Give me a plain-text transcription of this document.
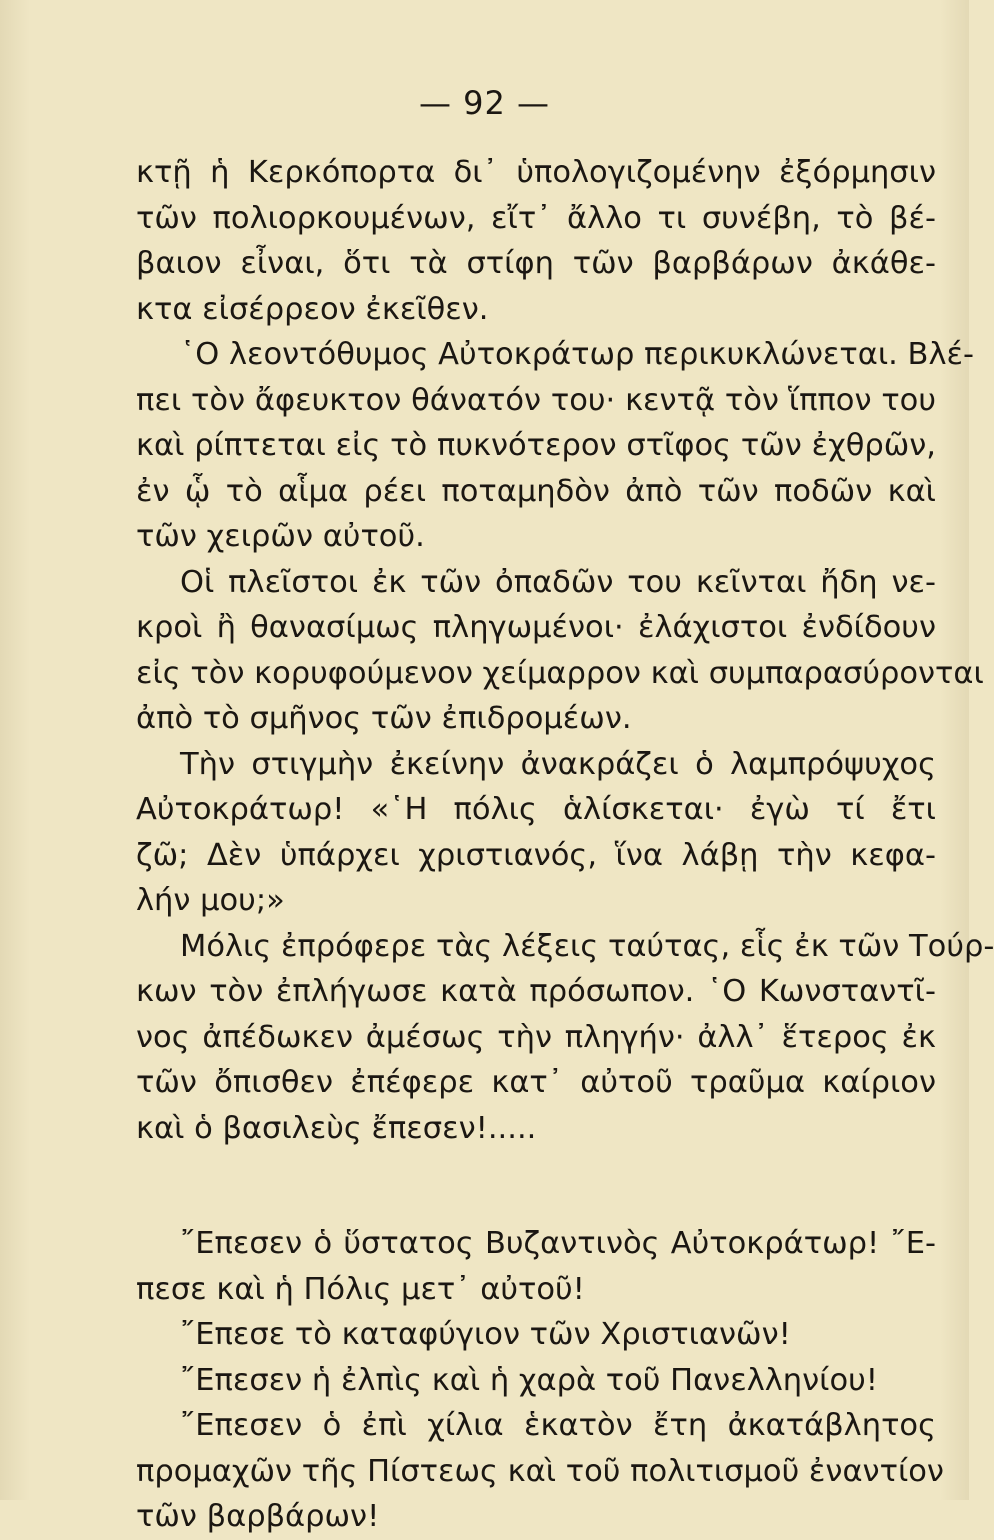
— 92 —
κτῇ ἡ Κερκόπορτα δι᾽ ὑπολογιζομένην ἐξόρμησιν
τῶν πολιορκουμένων, εἴτ᾽ ἄλλο τι συνέβη, τὸ βέ-
βαιον εἶναι, ὅτι τὰ στίφη τῶν βαρβάρων ἀκάθε-
κτα εἰσέρρεον ἐκεῖθεν.
῾Ο λεοντόθυμος Αὐτοκράτωρ περικυκλώνεται. Βλέ-
πει τὸν ἄφευκτον θάνατόν του· κεντᾷ τὸν ἵππον του
καὶ ρίπτεται εἰς τὸ πυκνότερον στῖφος τῶν ἐχθρῶν,
ἐν ᾧ τὸ αἷμα ρέει ποταμηδὸν ἀπὸ τῶν ποδῶν καὶ
τῶν χειρῶν αὐτοῦ.
Οἱ πλεῖστοι ἐκ τῶν ὀπαδῶν του κεῖνται ἤδη νε-
κροὶ ἢ θανασίμως πληγωμένοι· ἐλάχιστοι ἐνδίδουν
εἰς τὸν κορυφούμενον χείμαρρον καὶ συμπαρασύρονται
ἀπὸ τὸ σμῆνος τῶν ἐπιδρομέων.
Τὴν στιγμὴν ἐκείνην ἀνακράζει ὁ λαμπρόψυχος
Αὐτοκράτωρ! «῾Η πόλις ἁλίσκεται· ἐγὼ τί ἔτι
ζῶ; Δὲν ὑπάρχει χριστιανός, ἵνα λάβῃ τὴν κεφα-
λήν μου;»
Μόλις ἐπρόφερε τὰς λέξεις ταύτας, εἷς ἐκ τῶν Τούρ-
κων τὸν ἐπλήγωσε κατὰ πρόσωπον. ῾Ο Κωνσταντῖ-
νος ἀπέδωκεν ἀμέσως τὴν πληγήν· ἀλλ᾽ ἕτερος ἐκ
τῶν ὄπισθεν ἐπέφερε κατ᾽ αὐτοῦ τραῦμα καίριον
καὶ ὁ βασιλεὺς ἔπεσεν!.....
῎Επεσεν ὁ ὕστατος Βυζαντινὸς Αὐτοκράτωρ! ῎Ε-
πεσε καὶ ἡ Πόλις μετ᾽ αὐτοῦ!
῎Επεσε τὸ καταφύγιον τῶν Χριστιανῶν!
῎Επεσεν ἡ ἐλπὶς καὶ ἡ χαρὰ τοῦ Πανελληνίου!
῎Επεσεν ὁ ἐπὶ χίλια ἑκατὸν ἔτη ἀκατάβλητος
προμαχῶν τῆς Πίστεως καὶ τοῦ πολιτισμοῦ ἐναντίον
τῶν βαρβάρων!
